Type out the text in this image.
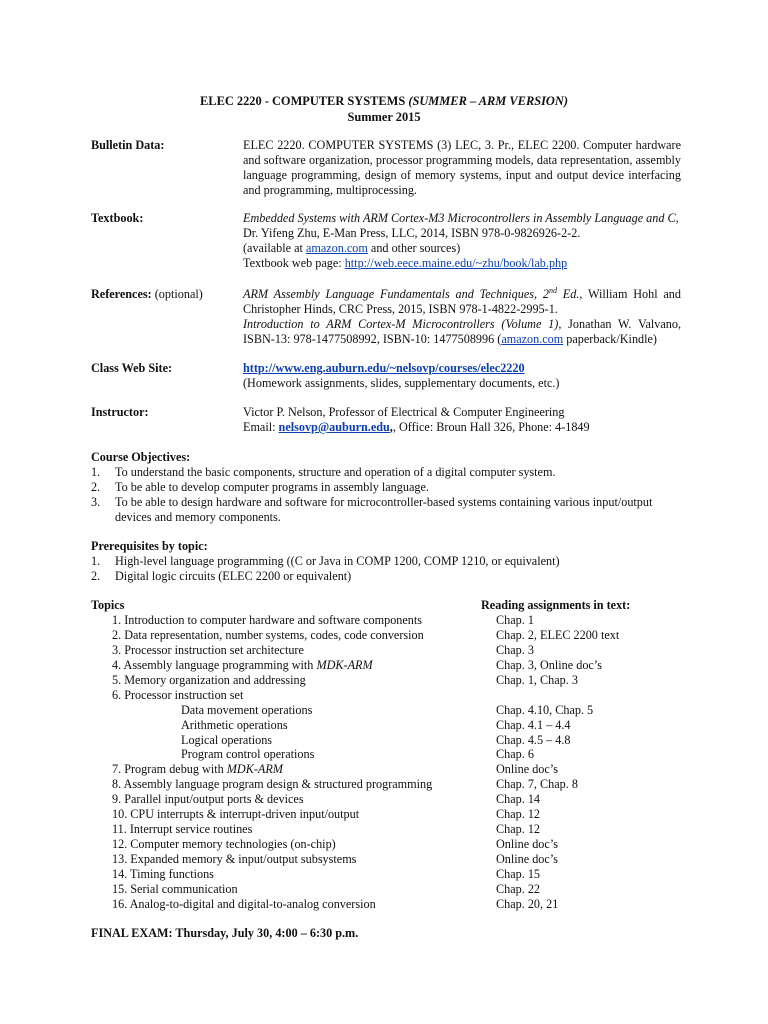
ELEC 2220 - COMPUTER SYSTEMS (SUMMER – ARM VERSION)
Summer 2015
Bulletin Data:	ELEC 2220. COMPUTER SYSTEMS (3) LEC, 3. Pr., ELEC 2200. Computer hardware and software organization, processor programming models, data representation, assembly language programming, design of memory systems, input and output device interfacing and programming, multiprocessing.
Textbook:	Embedded Systems with ARM Cortex-M3 Microcontrollers in Assembly Language and C, Dr. Yifeng Zhu, E-Man Press, LLC, 2014, ISBN 978-0-9826926-2-2.
(available at amazon.com and other sources)
Textbook web page: http://web.eece.maine.edu/~zhu/book/lab.php
References: (optional)	ARM Assembly Language Fundamentals and Techniques, 2nd Ed., William Hohl and Christopher Hinds, CRC Press, 2015, ISBN 978-1-4822-2995-1.
Introduction to ARM Cortex-M Microcontrollers (Volume 1), Jonathan W. Valvano, ISBN-13: 978-1477508992, ISBN-10: 1477508996 (amazon.com paperback/Kindle)
Class Web Site:	http://www.eng.auburn.edu/~nelsovp/courses/elec2220
(Homework assignments, slides, supplementary documents, etc.)
Instructor:	Victor P. Nelson, Professor of Electrical & Computer Engineering
Email: nelsovp@auburn.edu,, Office: Broun Hall 326, Phone: 4-1849
Course Objectives:
1. To understand the basic components, structure and operation of a digital computer system.
2. To be able to develop computer programs in assembly language.
3. To be able to design hardware and software for microcontroller-based systems containing various input/output devices and memory components.
Prerequisites by topic:
1. High-level language programming ((C or Java in COMP 1200, COMP 1210, or equivalent)
2. Digital logic circuits (ELEC 2200 or equivalent)
Topics	Reading assignments in text:
1. Introduction to computer hardware and software components	Chap. 1
2. Data representation, number systems, codes, code conversion	Chap. 2, ELEC 2200 text
3. Processor instruction set architecture	Chap. 3
4. Assembly language programming with MDK-ARM	Chap. 3, Online doc’s
5. Memory organization and addressing	Chap. 1, Chap. 3
6. Processor instruction set
Data movement operations	Chap. 4.10, Chap. 5
Arithmetic operations	Chap. 4.1 – 4.4
Logical operations	Chap. 4.5 – 4.8
Program control operations	Chap. 6
7. Program debug with MDK-ARM	Online doc’s
8. Assembly language program design & structured programming	Chap. 7, Chap. 8
9. Parallel input/output ports & devices	Chap. 14
10. CPU interrupts & interrupt-driven input/output	Chap. 12
11. Interrupt service routines	Chap. 12
12. Computer memory technologies (on-chip)	Online doc’s
13. Expanded memory & input/output subsystems	Online doc’s
14. Timing functions	Chap. 15
15. Serial communication	Chap. 22
16. Analog-to-digital and digital-to-analog conversion	Chap. 20, 21
FINAL EXAM: Thursday, July 30, 4:00 – 6:30 p.m.
